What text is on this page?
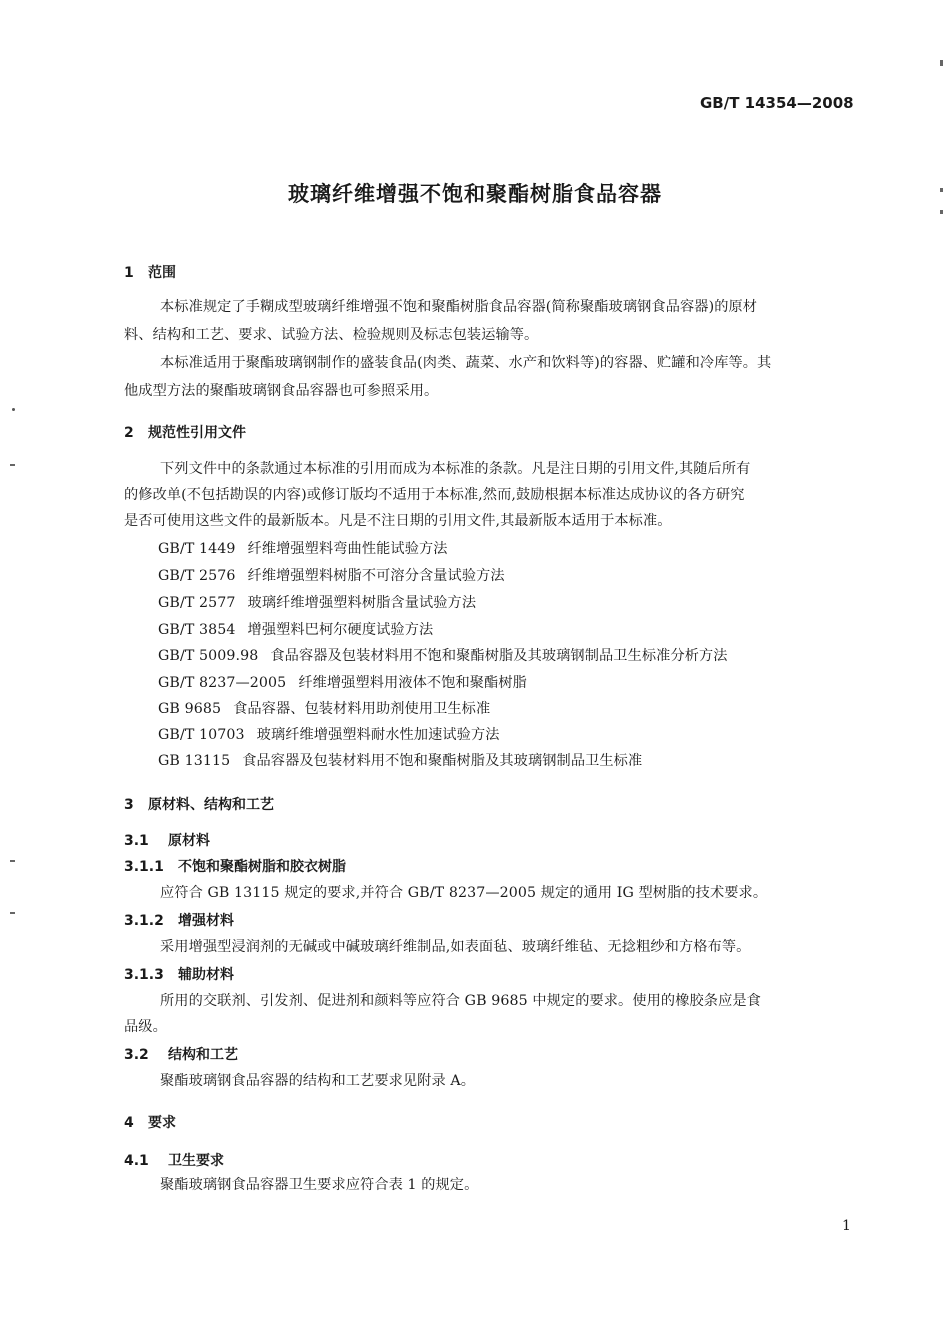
GB/T 14354—2008
玻璃纤维增强不饱和聚酯树脂食品容器
1 范围
本标准规定了手糊成型玻璃纤维增强不饱和聚酯树脂食品容器(简称聚酯玻璃钢食品容器)的原材
料、结构和工艺、要求、试验方法、检验规则及标志包装运输等。
本标准适用于聚酯玻璃钢制作的盛装食品(肉类、蔬菜、水产和饮料等)的容器、贮罐和冷库等。其
他成型方法的聚酯玻璃钢食品容器也可参照采用。
2 规范性引用文件
下列文件中的条款通过本标准的引用而成为本标准的条款。凡是注日期的引用文件,其随后所有
的修改单(不包括勘误的内容)或修订版均不适用于本标准,然而,鼓励根据本标准达成协议的各方研究
是否可使用这些文件的最新版本。凡是不注日期的引用文件,其最新版本适用于本标准。
GB/T 1449 纤维增强塑料弯曲性能试验方法
GB/T 2576 纤维增强塑料树脂不可溶分含量试验方法
GB/T 2577 玻璃纤维增强塑料树脂含量试验方法
GB/T 3854 增强塑料巴柯尔硬度试验方法
GB/T 5009.98 食品容器及包装材料用不饱和聚酯树脂及其玻璃钢制品卫生标准分析方法
GB/T 8237—2005 纤维增强塑料用液体不饱和聚酯树脂
GB 9685 食品容器、包装材料用助剂使用卫生标准
GB/T 10703 玻璃纤维增强塑料耐水性加速试验方法
GB 13115 食品容器及包装材料用不饱和聚酯树脂及其玻璃钢制品卫生标准
3 原材料、结构和工艺
3.1 原材料
3.1.1 不饱和聚酯树脂和胶衣树脂
应符合 GB 13115 规定的要求,并符合 GB/T 8237—2005 规定的通用 IG 型树脂的技术要求。
3.1.2 增强材料
采用增强型浸润剂的无碱或中碱玻璃纤维制品,如表面毡、玻璃纤维毡、无捻粗纱和方格布等。
3.1.3 辅助材料
所用的交联剂、引发剂、促进剂和颜料等应符合 GB 9685 中规定的要求。使用的橡胶条应是食
品级。
3.2 结构和工艺
聚酯玻璃钢食品容器的结构和工艺要求见附录 A。
4 要求
4.1 卫生要求
聚酯玻璃钢食品容器卫生要求应符合表 1 的规定。
1
